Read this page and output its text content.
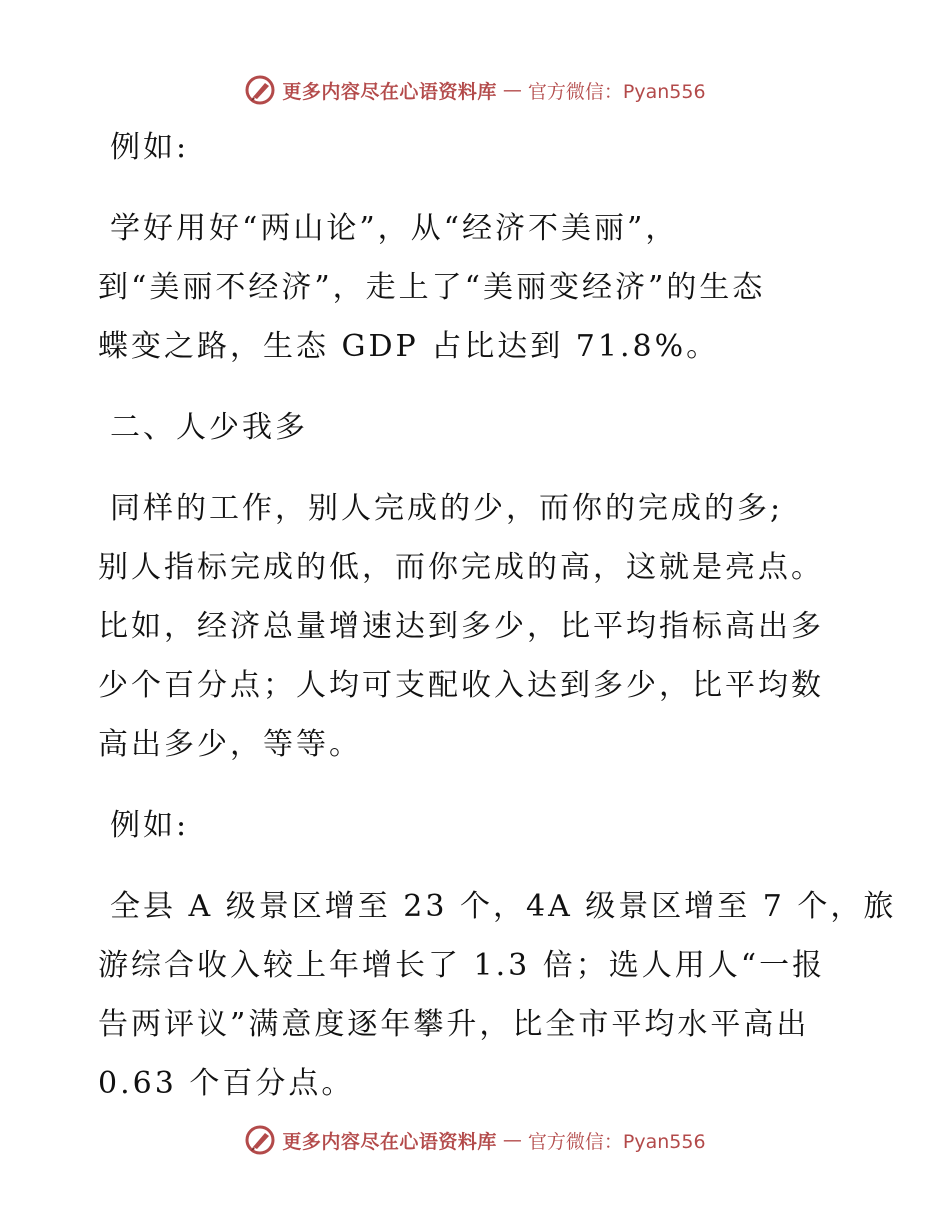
更多内容尽在心语资料库 — 官方微信：Pyan556

例如:

学好用好“两山论”，从“经济不美丽”，
到“美丽不经济”，走上了“美丽变经济”的生态
蝶变之路，生态 GDP 占比达到 71.8%。

二、人少我多

同样的工作，别人完成的少，而你的完成的多;
别人指标完成的低，而你完成的高，这就是亮点。
比如，经济总量增速达到多少，比平均指标高出多
少个百分点；人均可支配收入达到多少，比平均数
高出多少，等等。

例如:

全县 A 级景区增至 23 个，4A 级景区增至 7 个，旅
游综合收入较上年增长了 1.3 倍；选人用人“一报
告两评议”满意度逐年攀升，比全市平均水平高出
0.63 个百分点。

更多内容尽在心语资料库 — 官方微信：Pyan556
